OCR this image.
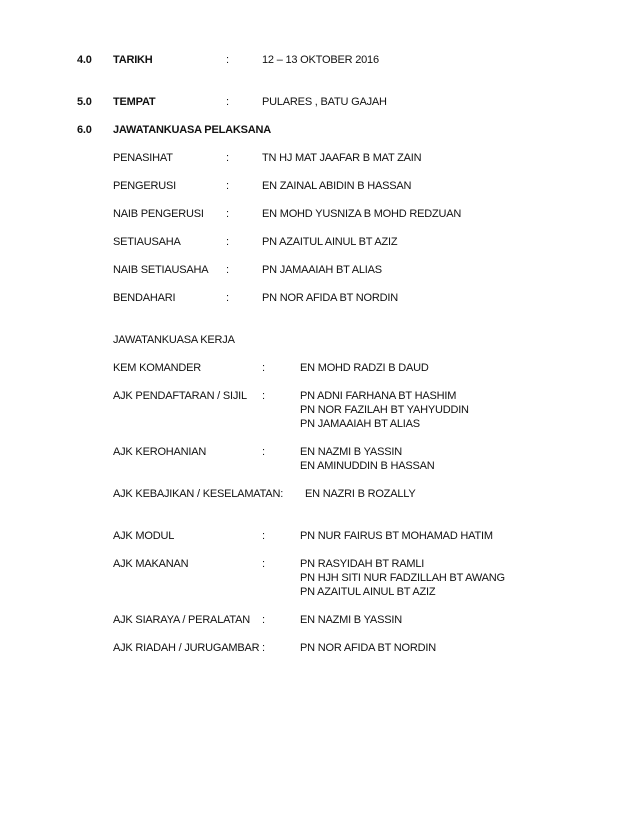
4.0 TARIKH	:	12 – 13 OKTOBER 2016
5.0 TEMPAT	:	PULARES , BATU GAJAH
6.0 JAWATANKUASA PELAKSANA
PENASIHAT	:	TN HJ MAT JAAFAR B MAT ZAIN
PENGERUSI	:	EN ZAINAL ABIDIN B HASSAN
NAIB PENGERUSI :	EN MOHD YUSNIZA B MOHD REDZUAN
SETIAUSAHA	:	PN AZAITUL AINUL BT AZIZ
NAIB SETIAUSAHA :	PN JAMAAIAH BT ALIAS
BENDAHARI	:	PN NOR AFIDA BT NORDIN
JAWATANKUASA KERJA
KEM KOMANDER	:	EN MOHD RADZI B DAUD
AJK PENDAFTARAN / SIJIL :	PN ADNI FARHANA BT HASHIM
PN NOR FAZILAH BT YAHYUDDIN
PN JAMAAIAH BT ALIAS
AJK KEROHANIAN	:	EN NAZMI B YASSIN
EN AMINUDDIN B HASSAN
AJK KEBAJIKAN / KESELAMATAN: EN NAZRI B ROZALLY
AJK MODUL	:	PN NUR FAIRUS BT MOHAMAD HATIM
AJK MAKANAN	:	PN RASYIDAH BT RAMLI
PN HJH SITI NUR FADZILLAH BT AWANG
PN AZAITUL AINUL BT AZIZ
AJK SIARAYA / PERALATAN :	EN NAZMI B YASSIN
AJK RIADAH / JURUGAMBAR :	PN NOR AFIDA BT NORDIN
